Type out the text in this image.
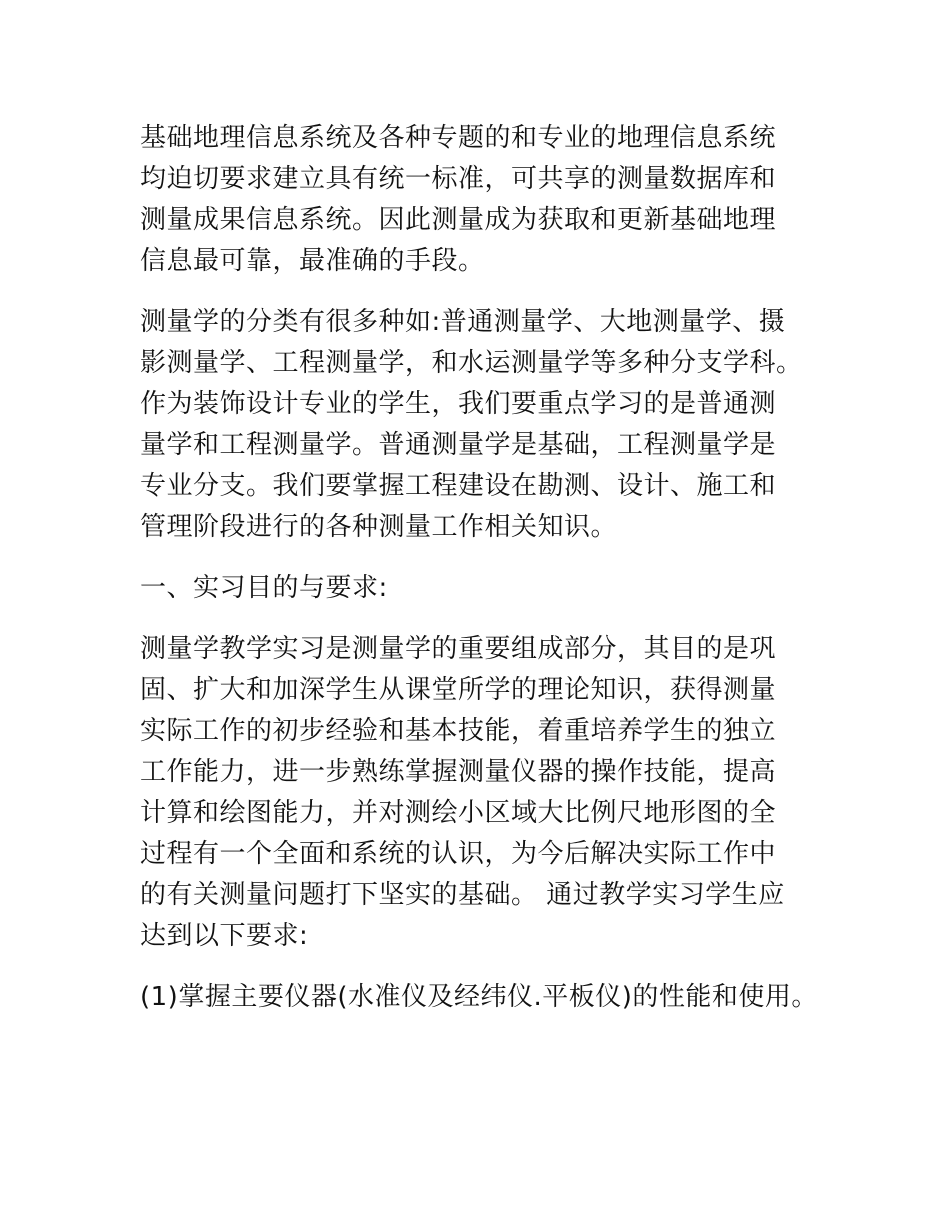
基础地理信息系统及各种专题的和专业的地理信息系统
均迫切要求建立具有统一标准，可共享的测量数据库和
测量成果信息系统。因此测量成为获取和更新基础地理
信息最可靠，最准确的手段。
测量学的分类有很多种如:普通测量学、大地测量学、摄
影测量学、工程测量学，和水运测量学等多种分支学科。
作为装饰设计专业的学生，我们要重点学习的是普通测
量学和工程测量学。普通测量学是基础，工程测量学是
专业分支。我们要掌握工程建设在勘测、设计、施工和
管理阶段进行的各种测量工作相关知识。
一、实习目的与要求:
测量学教学实习是测量学的重要组成部分，其目的是巩
固、扩大和加深学生从课堂所学的理论知识，获得测量
实际工作的初步经验和基本技能，着重培养学生的独立
工作能力，进一步熟练掌握测量仪器的操作技能，提高
计算和绘图能力，并对测绘小区域大比例尺地形图的全
过程有一个全面和系统的认识，为今后解决实际工作中
的有关测量问题打下坚实的基础。 通过教学实习学生应
达到以下要求:
(1)掌握主要仪器(水准仪及经纬仪.平板仪)的性能和使用。
